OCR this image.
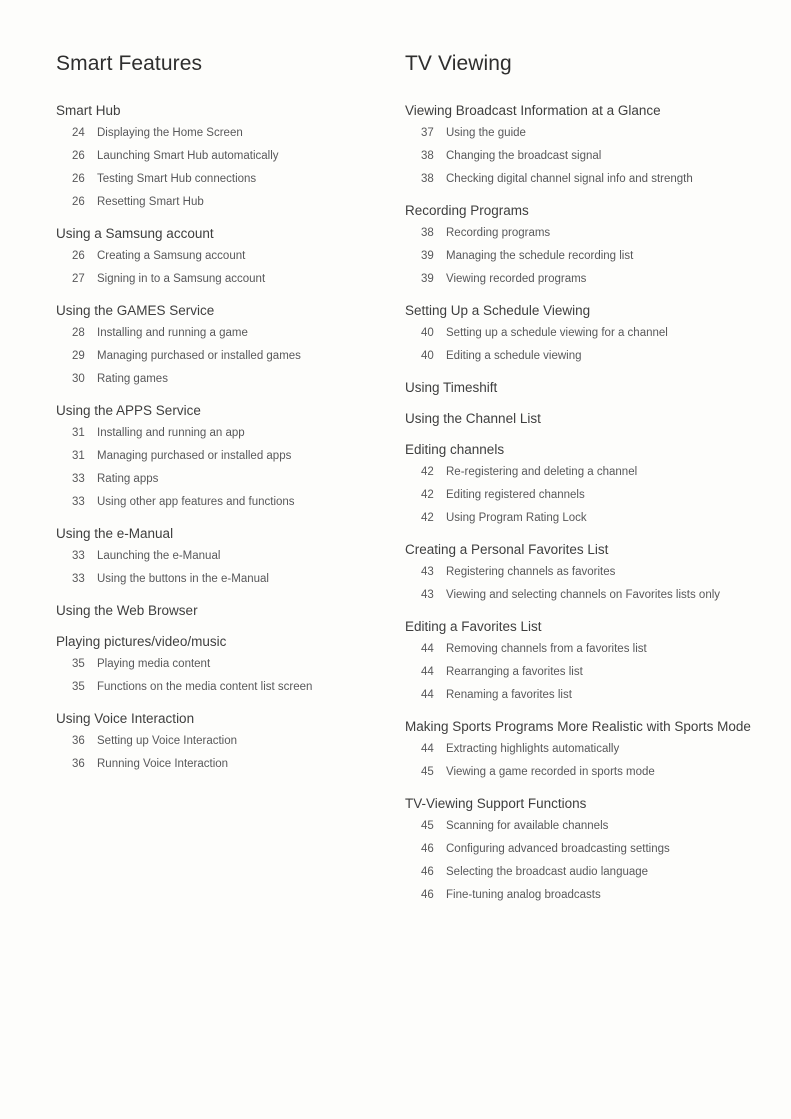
Smart Features
Smart Hub
24	Displaying the Home Screen
26	Launching Smart Hub automatically
26	Testing Smart Hub connections
26	Resetting Smart Hub
Using a Samsung account
26	Creating a Samsung account
27	Signing in to a Samsung account
Using the GAMES Service
28	Installing and running a game
29	Managing purchased or installed games
30	Rating games
Using the APPS Service
31	Installing and running an app
31	Managing purchased or installed apps
33	Rating apps
33	Using other app features and functions
Using the e-Manual
33	Launching the e-Manual
33	Using the buttons in the e-Manual
Using the Web Browser
Playing pictures/video/music
35	Playing media content
35	Functions on the media content list screen
Using Voice Interaction
36	Setting up Voice Interaction
36	Running Voice Interaction
TV Viewing
Viewing Broadcast Information at a Glance
37	Using the guide
38	Changing the broadcast signal
38	Checking digital channel signal info and strength
Recording Programs
38	Recording programs
39	Managing the schedule recording list
39	Viewing recorded programs
Setting Up a Schedule Viewing
40	Setting up a schedule viewing for a channel
40	Editing a schedule viewing
Using Timeshift
Using the Channel List
Editing channels
42	Re-registering and deleting a channel
42	Editing registered channels
42	Using Program Rating Lock
Creating a Personal Favorites List
43	Registering channels as favorites
43	Viewing and selecting channels on Favorites lists only
Editing a Favorites List
44	Removing channels from a favorites list
44	Rearranging a favorites list
44	Renaming a favorites list
Making Sports Programs More Realistic with Sports Mode
44	Extracting highlights automatically
45	Viewing a game recorded in sports mode
TV-Viewing Support Functions
45	Scanning for available channels
46	Configuring advanced broadcasting settings
46	Selecting the broadcast audio language
46	Fine-tuning analog broadcasts
